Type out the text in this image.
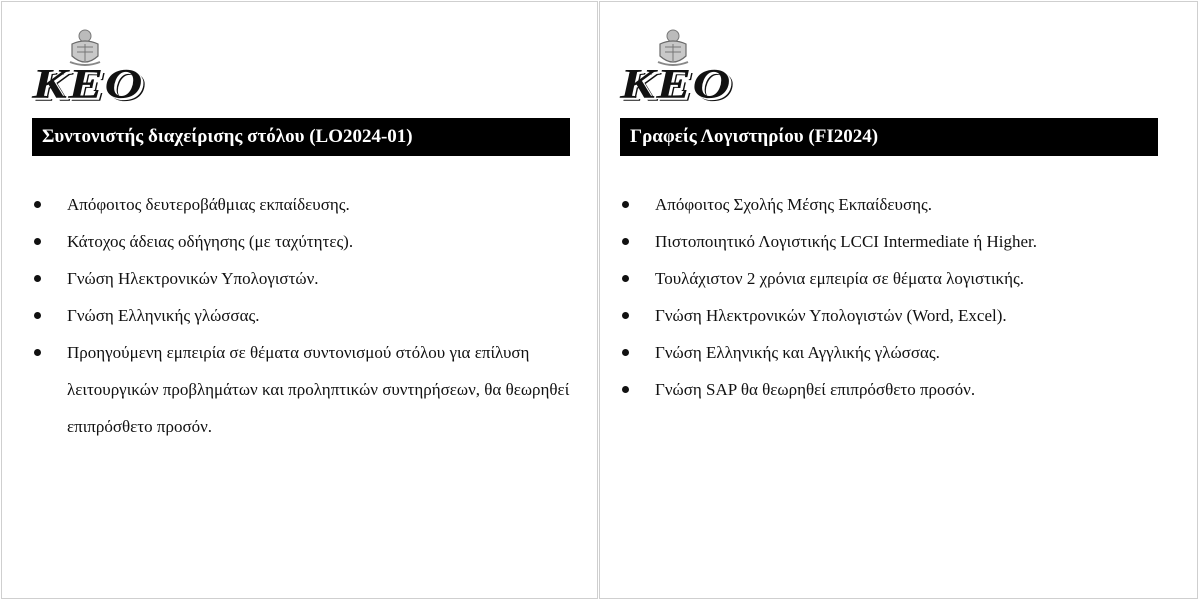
KEO
Συντονιστής διαχείρισης στόλου (LO2024-01)
Απόφοιτος δευτεροβάθμιας εκπαίδευσης.
Κάτοχος άδειας οδήγησης (με ταχύτητες).
Γνώση Ηλεκτρονικών Υπολογιστών.
Γνώση Ελληνικής γλώσσας.
Προηγούμενη εμπειρία σε θέματα συντονισμού στόλου για επίλυση λειτουργικών προβλημάτων και προληπτικών συντηρήσεων, θα θεωρηθεί επιπρόσθετο προσόν.
KEO
Γραφείς Λογιστηρίου (FI2024)
Απόφοιτος Σχολής Μέσης Εκπαίδευσης.
Πιστοποιητικό Λογιστικής LCCI Intermediate ή Higher.
Τουλάχιστον 2 χρόνια εμπειρία σε θέματα λογιστικής.
Γνώση Ηλεκτρονικών Υπολογιστών (Word, Excel).
Γνώση Ελληνικής και Αγγλικής γλώσσας.
Γνώση SAP θα θεωρηθεί επιπρόσθετο προσόν.
